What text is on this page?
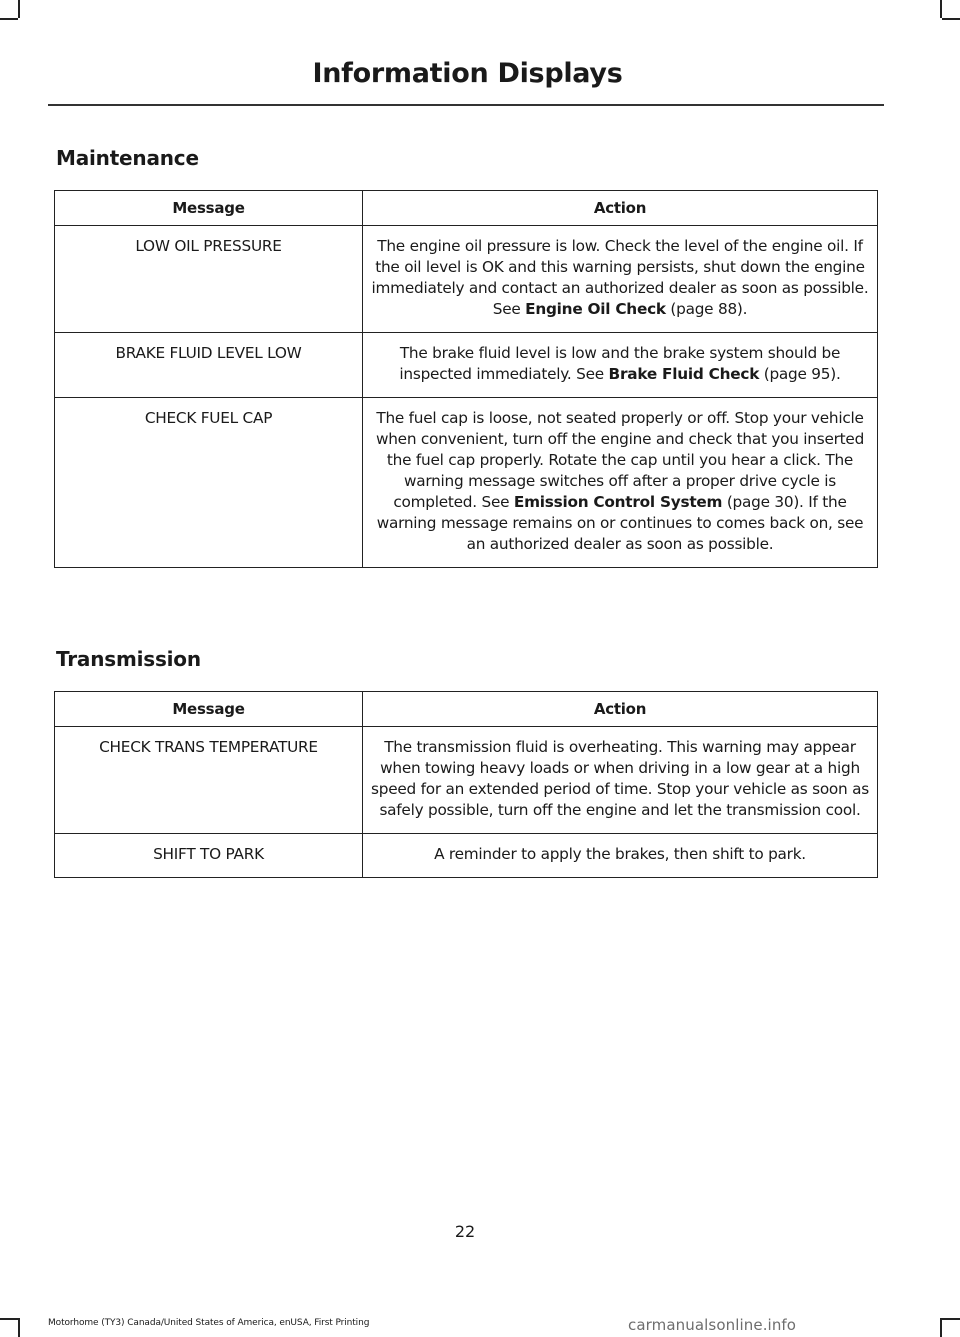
Information Displays
Maintenance
Message	Action
LOW OIL PRESSURE	The engine oil pressure is low. Check the level of the engine oil. If the oil level is OK and this warning persists, shut down the engine immediately and contact an authorized dealer as soon as possible. See Engine Oil Check (page 88).
BRAKE FLUID LEVEL LOW	The brake fluid level is low and the brake system should be inspected immediately. See Brake Fluid Check (page 95).
CHECK FUEL CAP	The fuel cap is loose, not seated properly or off. Stop your vehicle when convenient, turn off the engine and check that you inserted the fuel cap properly. Rotate the cap until you hear a click. The warning message switches off after a proper drive cycle is completed. See Emission Control System (page 30). If the warning message remains on or continues to comes back on, see an authorized dealer as soon as possible.
Transmission
Message	Action
CHECK TRANS TEMPERATURE	The transmission fluid is overheating. This warning may appear when towing heavy loads or when driving in a low gear at a high speed for an extended period of time. Stop your vehicle as soon as safely possible, turn off the engine and let the transmission cool.
SHIFT TO PARK	A reminder to apply the brakes, then shift to park.
22
Motorhome (TY3) Canada/United States of America, enUSA, First Printing	carmanualsonline.info
